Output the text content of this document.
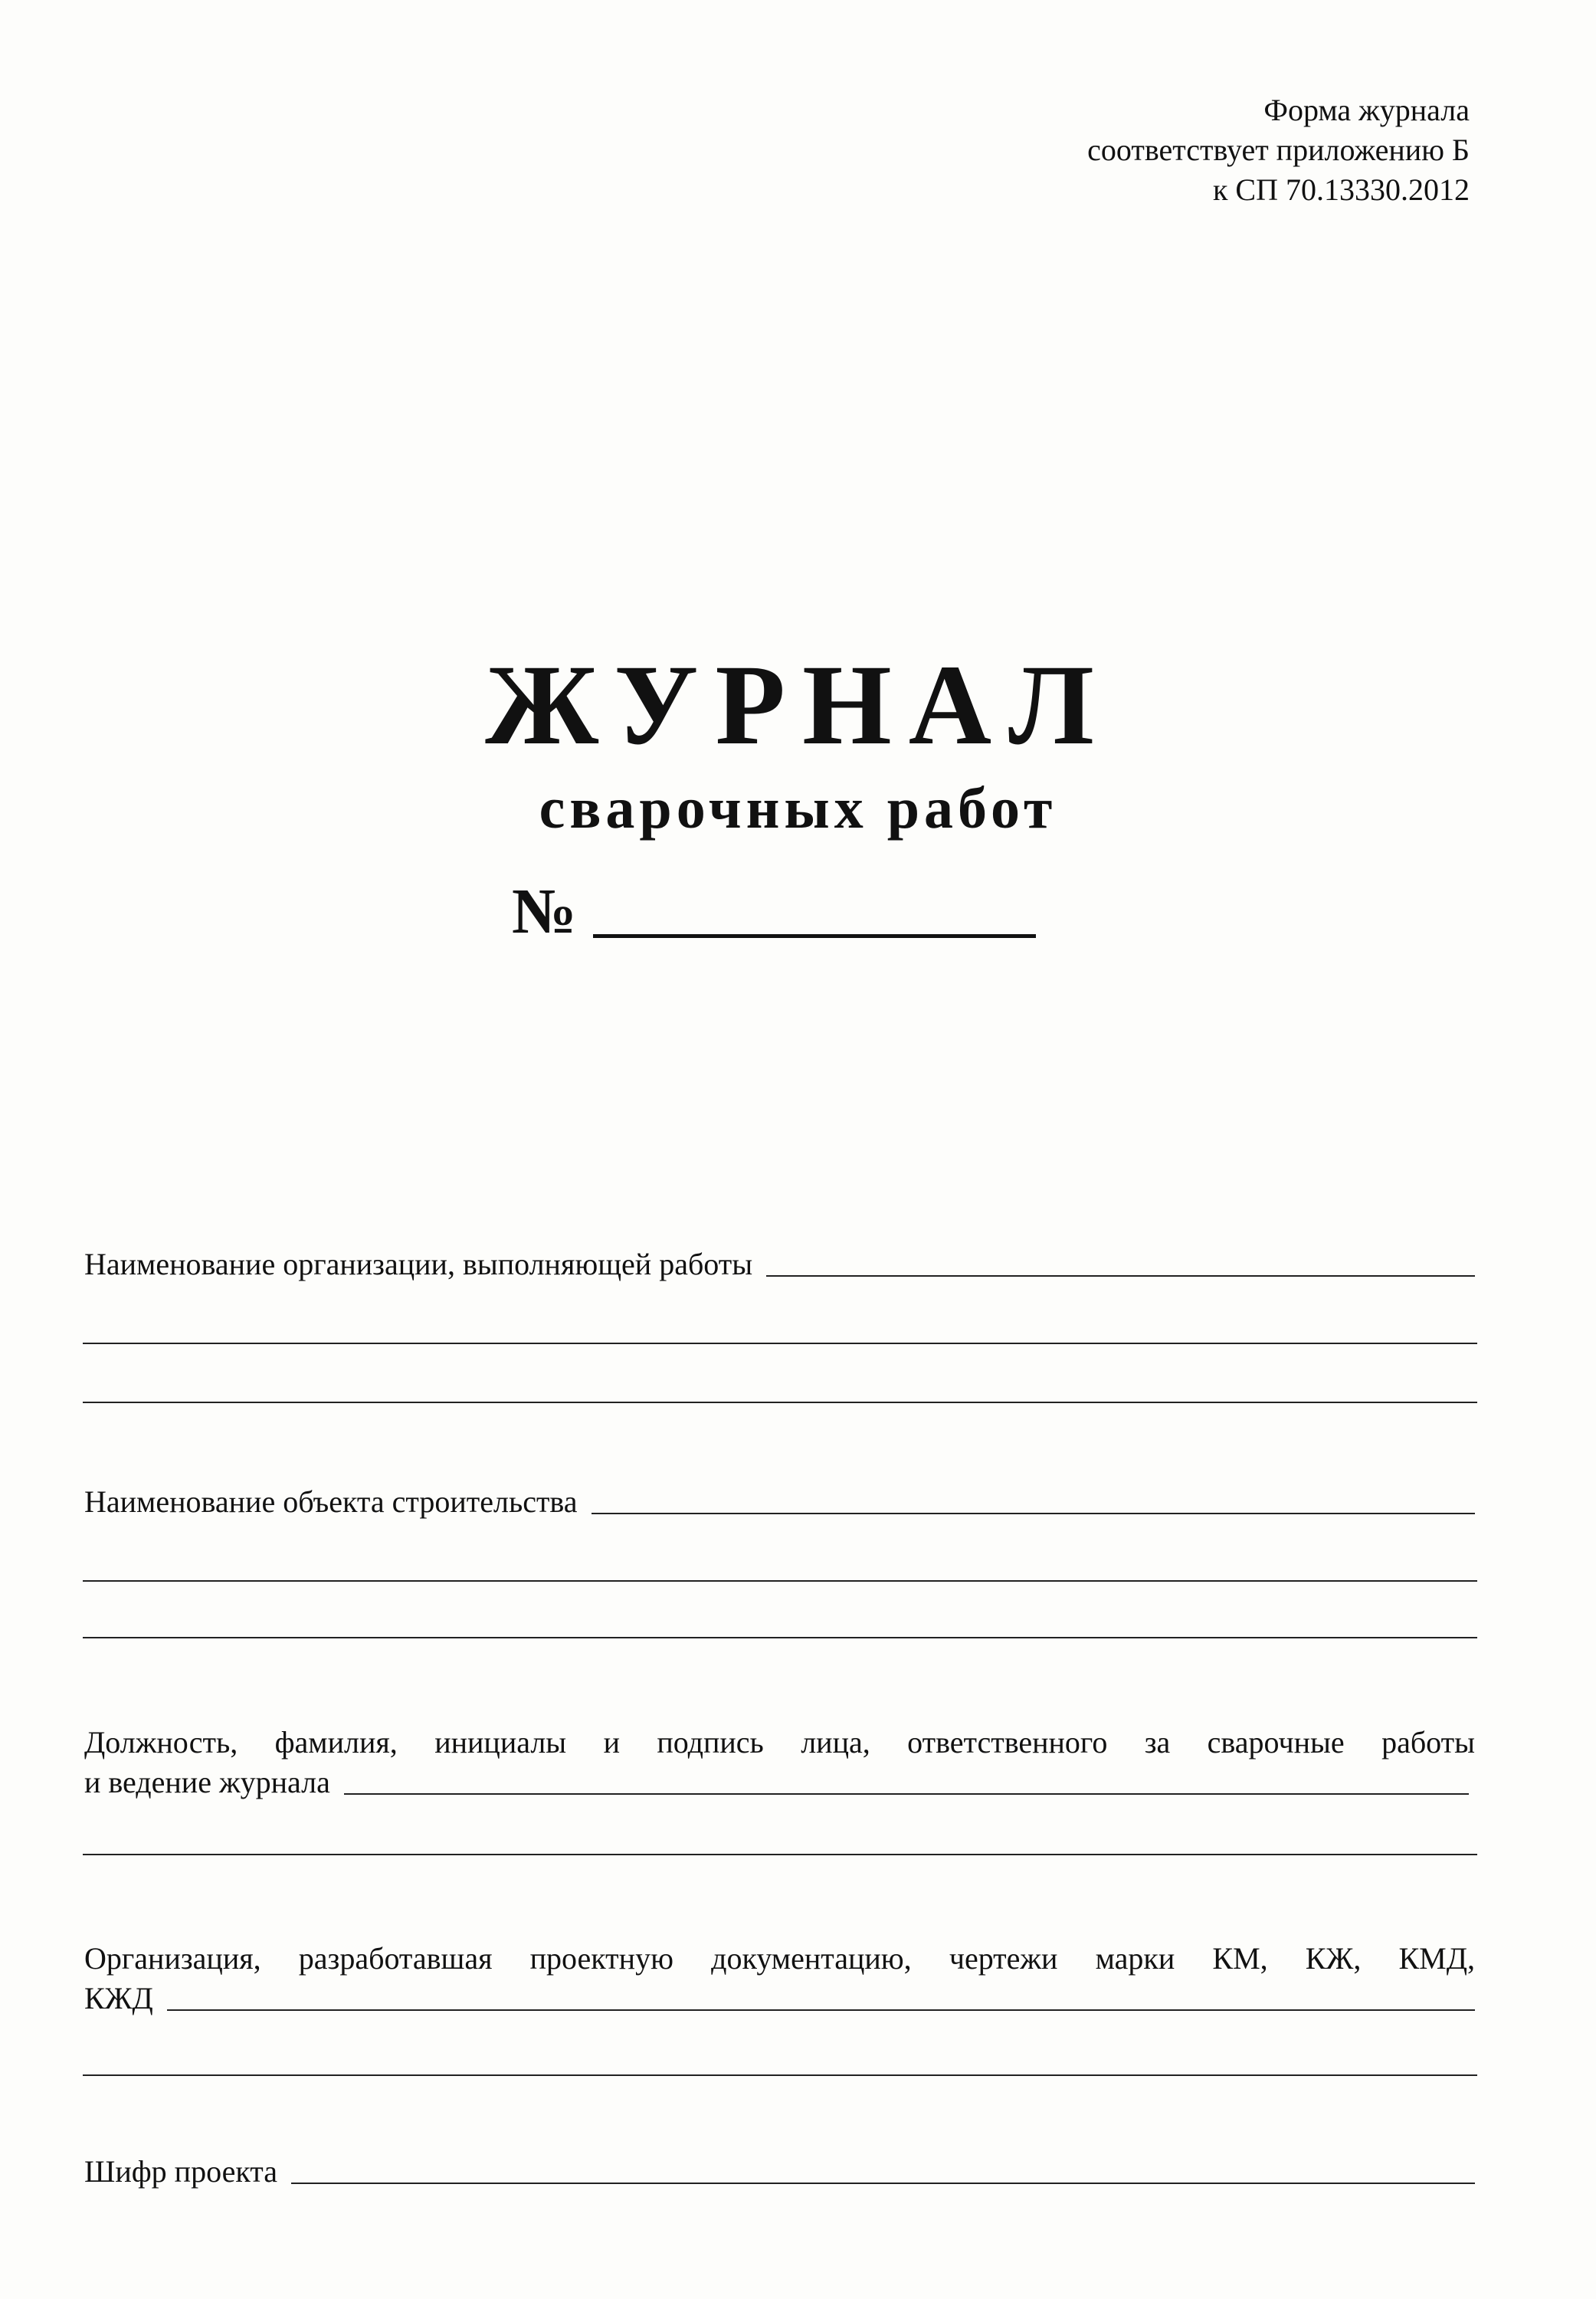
Форма журнала
соответствует приложению Б
к СП 70.13330.2012
ЖУРНАЛ
сварочных работ
№
Наименование организации, выполняющей работы
Наименование объекта строительства
Должность, фамилия, инициалы и подпись лица, ответственного за сварочные работы
и ведение журнала
Организация, разработавшая проектную документацию, чертежи марки КМ, КЖ, КМД,
КЖД
Шифр проекта
